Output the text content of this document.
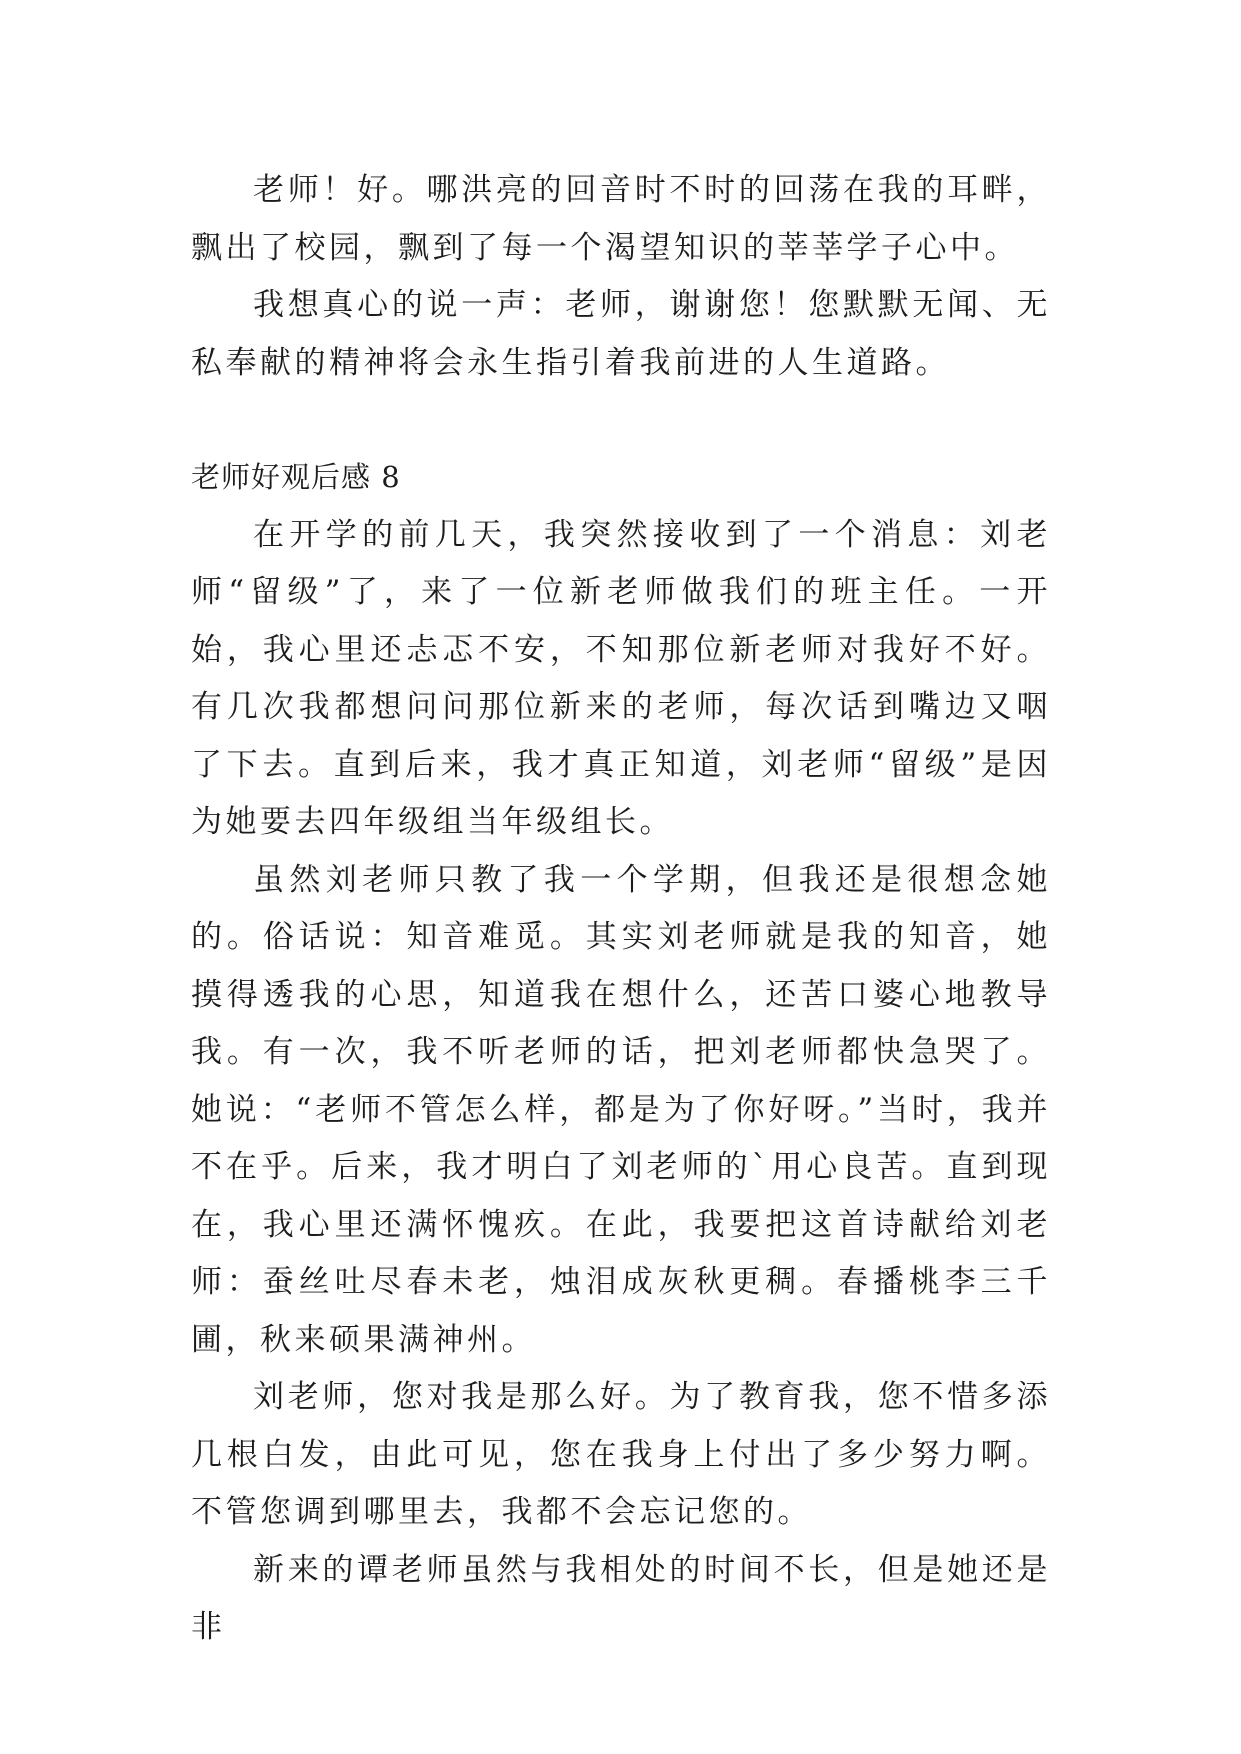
老师！好。哪洪亮的回音时不时的回荡在我的耳畔，飘出了校园，飘到了每一个渴望知识的莘莘学子心中。

我想真心的说一声：老师，谢谢您！您默默无闻、无私奉献的精神将会永生指引着我前进的人生道路。

老师好观后感 8

在开学的前几天，我突然接收到了一个消息：刘老师“留级”了，来了一位新老师做我们的班主任。一开始，我心里还忐忑不安，不知那位新老师对我好不好。有几次我都想问问那位新来的老师，每次话到嘴边又咽了下去。直到后来，我才真正知道，刘老师“留级”是因为她要去四年级组当年级组长。

虽然刘老师只教了我一个学期，但我还是很想念她的。俗话说：知音难觅。其实刘老师就是我的知音，她摸得透我的心思，知道我在想什么，还苦口婆心地教导我。有一次，我不听老师的话，把刘老师都快急哭了。她说：“老师不管怎么样，都是为了你好呀。”当时，我并不在乎。后来，我才明白了刘老师的`用心良苦。直到现在，我心里还满怀愧疚。在此，我要把这首诗献给刘老师：蚕丝吐尽春未老，烛泪成灰秋更稠。春播桃李三千圃，秋来硕果满神州。

刘老师，您对我是那么好。为了教育我，您不惜多添几根白发，由此可见，您在我身上付出了多少努力啊。不管您调到哪里去，我都不会忘记您的。

新来的谭老师虽然与我相处的时间不长，但是她还是非
